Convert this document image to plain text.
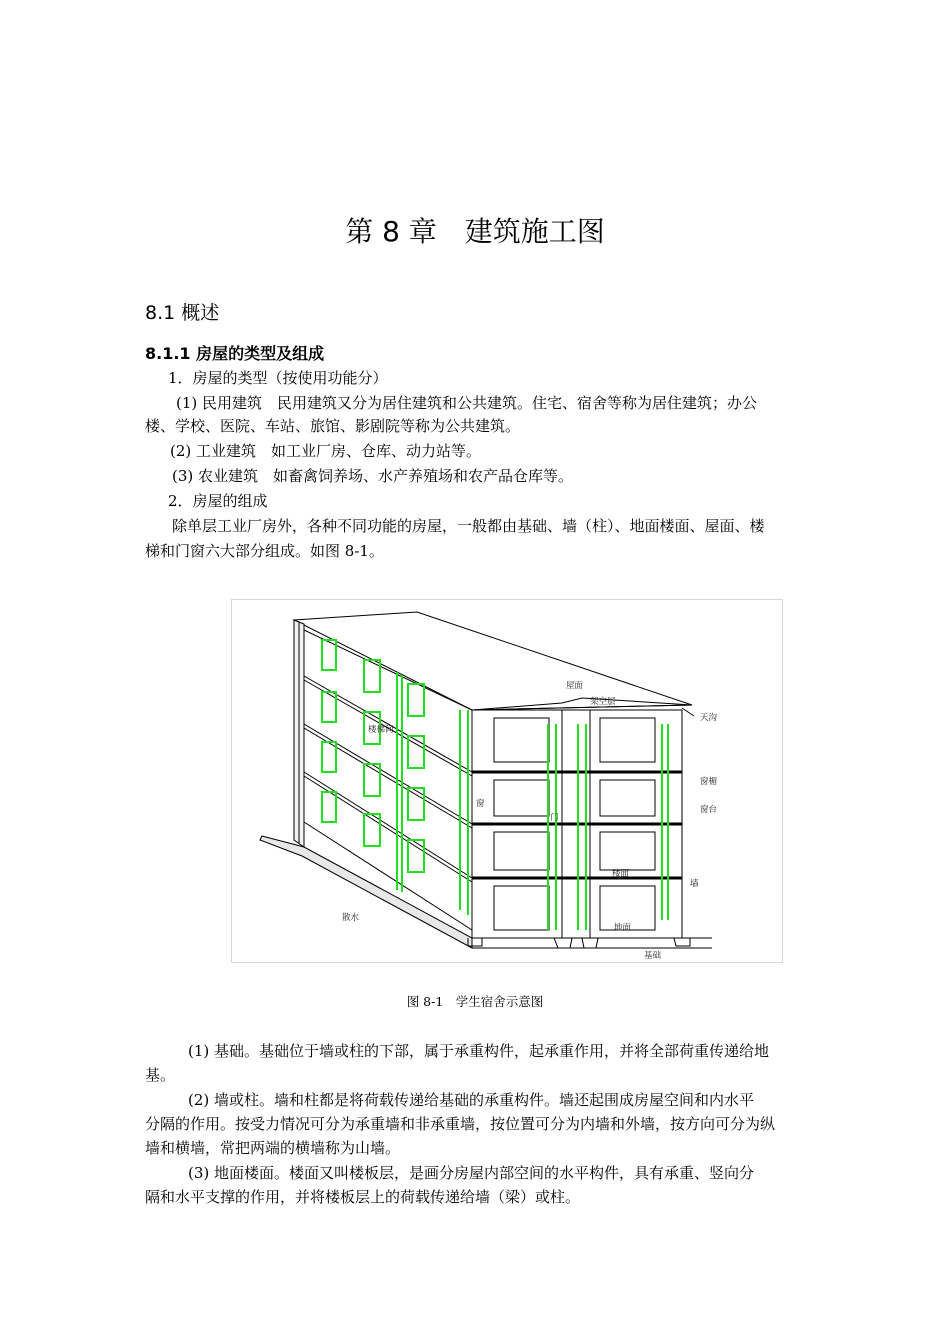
第 8 章　建筑施工图
8.1 概述
8.1.1 房屋的类型及组成
1．房屋的类型（按使用功能分）
(1) 民用建筑　民用建筑又分为居住建筑和公共建筑。住宅、宿舍等称为居住建筑；办公
楼、学校、医院、车站、旅馆、影剧院等称为公共建筑。
(2) 工业建筑　如工业厂房、仓库、动力站等。
(3) 农业建筑　如畜禽饲养场、水产养殖场和农产品仓库等。
2．房屋的组成
除单层工业厂房外，各种不同功能的房屋，一般都由基础、墙（柱）、地面楼面、屋面、楼
梯和门窗六大部分组成。如图 8-1。
屋面
架空层
天沟
楼梯间
窗楣
窗台
窗
门
楼面
墙
散水
地面
基础
图 8-1　学生宿舍示意图
(1) 基础。基础位于墙或柱的下部，属于承重构件，起承重作用，并将全部荷重传递给地
基。
(2) 墙或柱。墙和柱都是将荷载传递给基础的承重构件。墙还起围成房屋空间和内水平
分隔的作用。按受力情况可分为承重墙和非承重墙，按位置可分为内墙和外墙，按方向可分为纵
墙和横墙，常把两端的横墙称为山墙。
(3) 地面楼面。楼面又叫楼板层，是画分房屋内部空间的水平构件，具有承重、竖向分
隔和水平支撑的作用，并将楼板层上的荷载传递给墙（梁）或柱。
